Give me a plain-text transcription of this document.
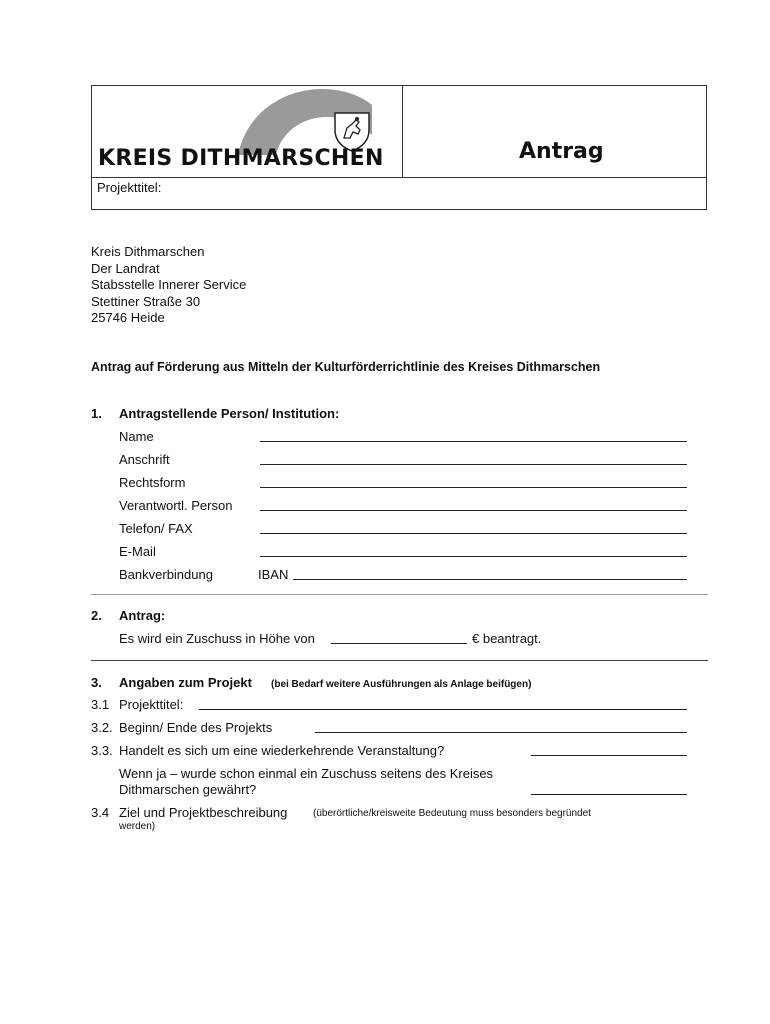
KREIS DITHMARSCHEN	Antrag
Projekttitel:
Kreis Dithmarschen
Der Landrat
Stabsstelle Innerer Service
Stettiner Straße 30
25746 Heide
Antrag auf Förderung aus Mitteln der Kulturförderrichtlinie des Kreises Dithmarschen
1. Antragstellende Person/ Institution:
Name
Anschrift
Rechtsform
Verantwortl. Person
Telefon/ FAX
E-Mail
Bankverbindung	IBAN
2. Antrag:
Es wird ein Zuschuss in Höhe von	€ beantragt.
3. Angaben zum Projekt (bei Bedarf weitere Ausführungen als Anlage beifügen)
3.1 Projekttitel:
3.2. Beginn/ Ende des Projekts
3.3. Handelt es sich um eine wiederkehrende Veranstaltung?
Wenn ja – wurde schon einmal ein Zuschuss seitens des Kreises
Dithmarschen gewährt?
3.4 Ziel und Projektbeschreibung	(überörtliche/kreisweite Bedeutung muss besonders begründet
werden)
